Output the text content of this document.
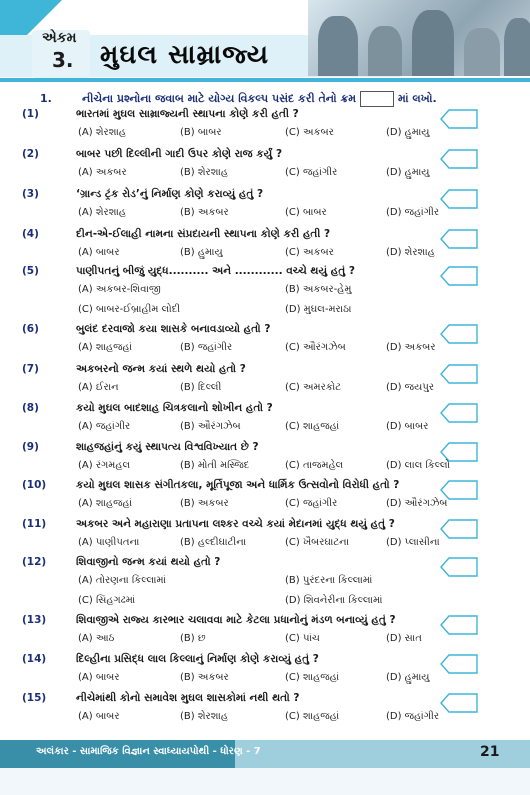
એકમ
3. મુઘલ સામ્રાજ્ય
1.	નીચેના પ્રશ્નોના જવાબ માટે યોગ્ય વિકલ્પ પસંદ કરી તેનો ક્રમ	માં લખો.
(1)	ભારતમાં મુઘલ સામ્રાજ્યની સ્થાપના કોણે કરી હતી ?
(A) શેરશાહ	(B) બાબર	(C) અકબર	(D) હુમાયુ
(2)	બાબર પછી દિલ્લીની ગાદી ઉપર કોણે રાજ કર્યું ?
(A) અકબર	(B) શેરશાહ	(C) જહાંગીર	(D) હુમાયુ
(3)	‘ગ્રાન્ડ ટ્રંક રોડ’નું નિર્માણ કોણે કરાવ્યું હતું ?
(A) શેરશાહ	(B) અકબર	(C) બાબર	(D) જહાંગીર
(4)	દીન-એ-ઈલાહી નામના સંપ્રદાયની સ્થાપના કોણે કરી હતી ?
(A) બાબર	(B) હુમાયુ	(C) અકબર	(D) શેરશાહ
(5)	પાણીપતનું બીજું યુદ્ધ.......... અને ............ વચ્ચે થયું હતું ?
(A) અકબર-શિવાજી	(B) અકબર-હેમુ
(C) બાબર-ઈબ્રાહીમ લોદી	(D) મુઘલ-મરાઠા
(6)	બુલંદ દરવાજો કયા શાસકે બનાવડાવ્યો હતો ?
(A) શાહજહાં	(B) જહાંગીર	(C) ઔરંગઝેબ	(D) અકબર
(7)	અકબરનો જન્મ કયાં સ્થળે થયો હતો ?
(A) ઈરાન	(B) દિલ્લી	(C) અમરકોટ	(D) જયપુર
(8)	કયો મુઘલ બાદશાહ ચિત્રકલાનો શોખીન હતો ?
(A) જહાંગીર	(B) ઔરંગઝેબ	(C) શાહજહાં	(D) બાબર
(9)	શાહજહાંનું કયું સ્થાપત્ય વિશ્વવિખ્યાત છે ?
(A) રંગમહલ	(B) મોતી મસ્જિદ	(C) તાજમહેલ	(D) લાલ કિલ્લો
(10)	કયો મુઘલ શાસક સંગીતકલા, મૂર્તિપૂજા અને ધાર્મિક ઉત્સવોનો વિરોધી હતો ?
(A) શાહજહાં	(B) અકબર	(C) જહાંગીર	(D) ઔરંગઝેબ
(11)	અકબર અને મહારાણા પ્રતાપના લશ્કર વચ્ચે કયાં મેદાનમાં યુદ્ધ થયું હતું ?
(A) પાણીપતના	(B) હલ્દીઘાટીના	(C) ખૈબરઘાટના	(D) પ્લાસીના
(12)	શિવાજીનો જન્મ કયાં થયો હતો ?
(A) તોરણના કિલ્લામાં	(B) પુરંદરના કિલ્લામાં
(C) સિંહગઢમાં	(D) શિવનેરીના કિલ્લામાં
(13)	શિવાજીએ રાજ્ય કારભાર ચલાવવા માટે કેટલા પ્રધાનોનું મંડળ બનાવ્યું હતું ?
(A) આઠ	(B) છ	(C) પાંચ	(D) સાત
(14)	દિલ્હીના પ્રસિદ્ધ લાલ કિલ્લાનું નિર્માણ કોણે કરાવ્યું હતું ?
(A) બાબર	(B) અકબર	(C) શાહજહાં	(D) હુમાયુ
(15)	નીચેમાંથી કોનો સમાવેશ મુઘલ શાસકોમાં નથી થતો ?
(A) બાબર	(B) શેરશાહ	(C) શાહજહાં	(D) જહાંગીર
અલંકાર - સામાજિક વિજ્ઞાન સ્વાધ્યાયપોથી - ધોરણ - 7	21
